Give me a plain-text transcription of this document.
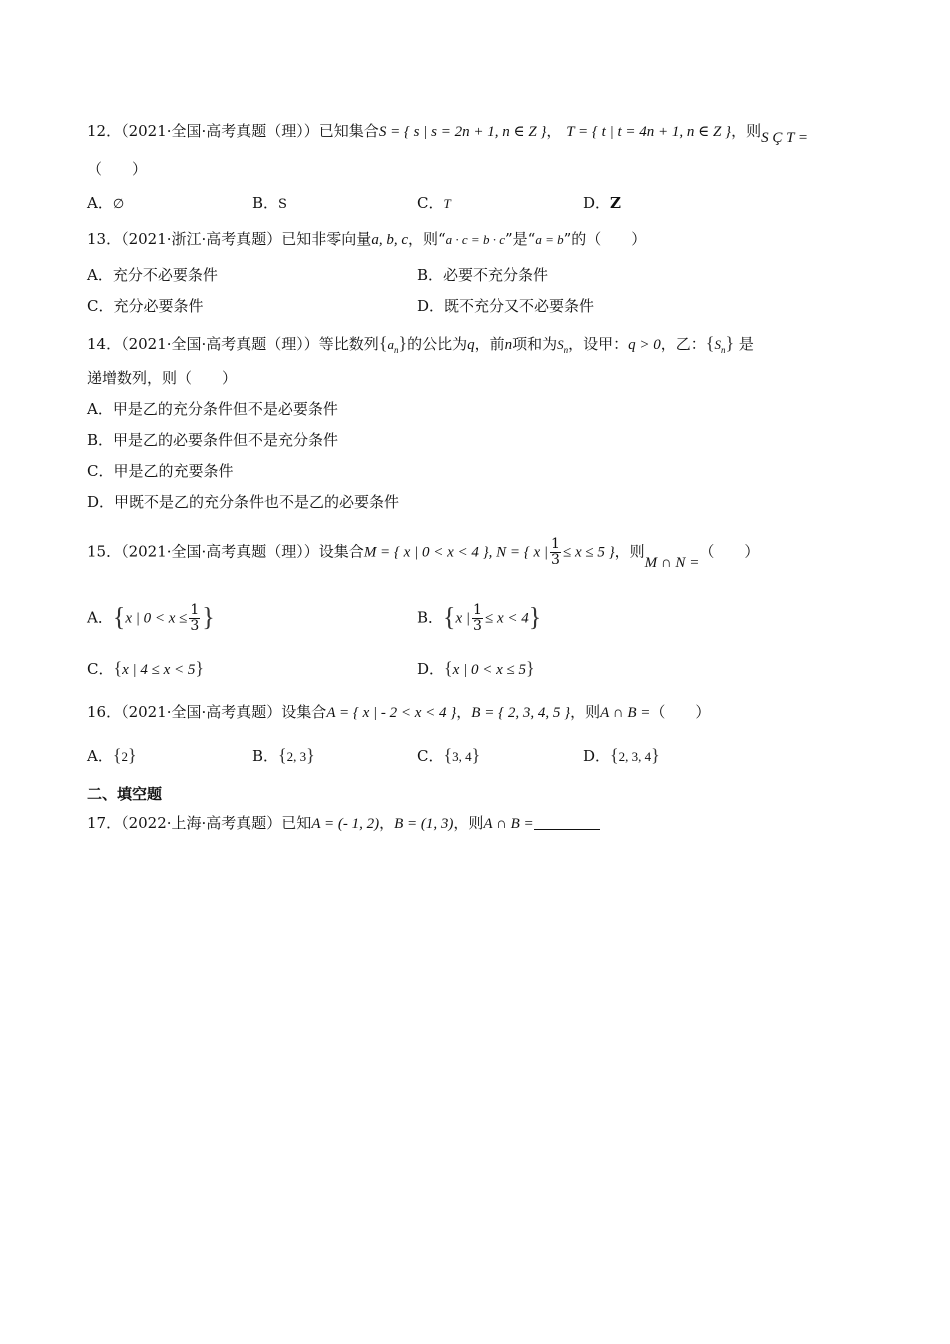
12．（2021·全国·高考真题（理））已知集合S = { s | s = 2n + 1, n ∈ Z }， T = { t | t = 4n + 1, n ∈ Z }，则S Ç T =
（　　）
A．∅	B．S	C．T	D．Z
13．（2021·浙江·高考真题）已知非零向量a, b, c，则“a · c = b · c”是“a = b”的（　　）
A．充分不必要条件	B．必要不充分条件
C．充分必要条件	D．既不充分又不必要条件
14．（2021·全国·高考真题（理））等比数列$\{a_n\}$的公比为q，前n项和为$S_n$，设甲：q > 0，乙：$\{S_n\}$ 是
递增数列，则（　　）
A．甲是乙的充分条件但不是必要条件
B．甲是乙的必要条件但不是充分条件
C．甲是乙的充要条件
D．甲既不是乙的充分条件也不是乙的必要条件
15．（2021·全国·高考真题（理））设集合M = { x | 0 < x < 4 }, N = { x | $\frac{1}{3} \le x \le 5$ }，则M ∩ N =（　　）
A．{x | $0 < x \le \frac{1}{3}$ }	B．{x | $\frac{1}{3} \le x < 4$}
C．{x | 4 ≤ x < 5}	D．{x | 0 < x ≤ 5}
16．（2021·全国·高考真题）设集合A = { x | - 2 < x < 4 }，B = { 2, 3, 4, 5 }，则A ∩ B =（　　）
A．{2}	B．{2, 3}	C．{3, 4}	D．{2, 3, 4}
二、填空题
17．（2022·上海·高考真题）已知A = (- 1, 2)，B = (1, 3)，则A ∩ B =
